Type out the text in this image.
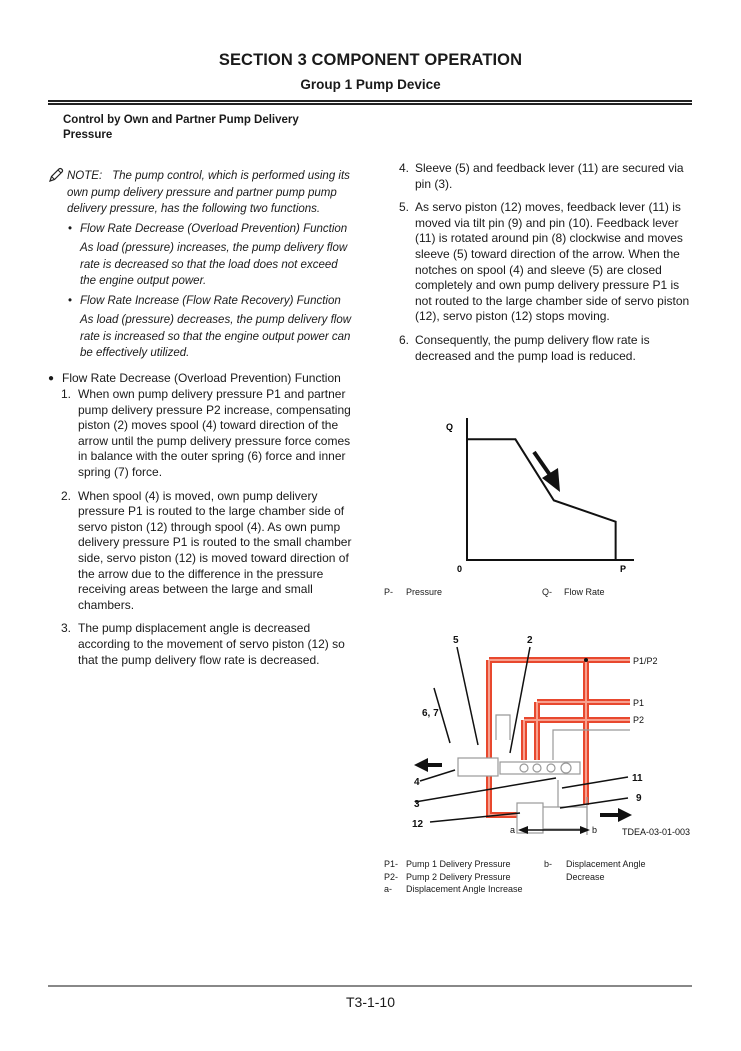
SECTION 3 COMPONENT OPERATION
Group 1 Pump Device
Control by Own and Partner Pump Delivery Pressure
NOTE: The pump control, which is performed using its
own pump delivery pressure and partner pump pump delivery pressure, has the following two functions.
• Flow Rate Decrease (Overload Prevention) Function
As load (pressure) increases, the pump delivery flow rate is decreased so that the load does not exceed the engine output power.
• Flow Rate Increase (Flow Rate Recovery) Function
As load (pressure) decreases, the pump delivery flow rate is increased so that the engine output power can be effectively utilized.
● Flow Rate Decrease (Overload Prevention) Function
1. When own pump delivery pressure P1 and partner pump delivery pressure P2 increase, compensating piston (2) moves spool (4) toward direction of the arrow until the pump delivery pressure force comes in balance with the outer spring (6) force and inner spring (7) force.
2. When spool (4) is moved, own pump delivery pressure P1 is routed to the large chamber side of servo piston (12) through spool (4). As own pump delivery pressure P1 is routed to the small chamber side, servo piston (12) is moved toward direction of the arrow due to the difference in the pressure receiving areas between the large and small chambers.
3. The pump displacement angle is decreased according to the movement of servo piston (12) so that the pump delivery flow rate is decreased.
4. Sleeve (5) and feedback lever (11) are secured via pin (3).
5. As servo piston (12) moves, feedback lever (11) is moved via tilt pin (9) and pin (10). Feedback lever (11) is rotated around pin (8) clockwise and moves sleeve (5) toward direction of the arrow. When the notches on spool (4) and sleeve (5) are closed completely and own pump delivery pressure P1 is not routed to the large chamber side of servo piston (12), servo piston (12) stops moving.
6. Consequently, the pump delivery flow rate is decreased and the pump load is reduced.
Q
P
0
P- Pressure	Q- Flow Rate
5	2
6, 7
4
3
12
11
9
P1/P2
P1
P2
a	b	TDEA-03-01-003
P1- Pump 1 Delivery Pressure
P2- Pump 2 Delivery Pressure
a- Displacement Angle Increase
b-	Displacement Angle Decrease
T3-1-10
